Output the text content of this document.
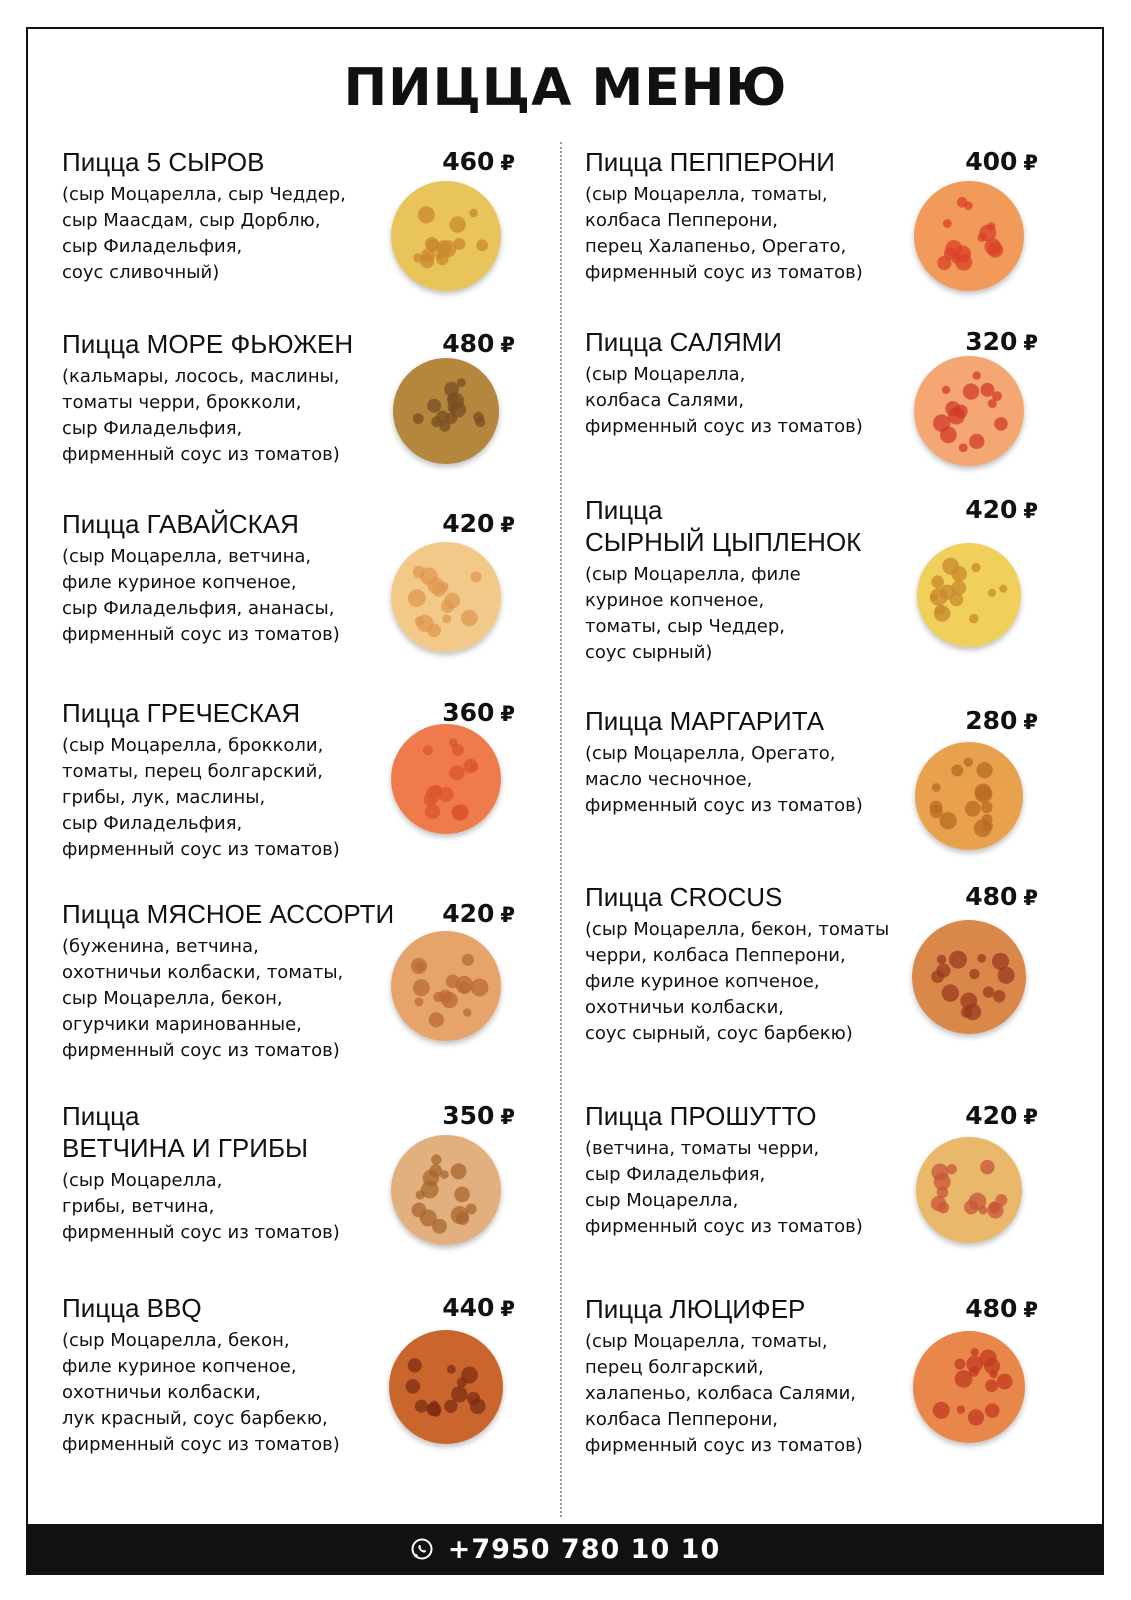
ПИЦЦА МЕНЮ
Пицца 5 СЫРОВ
(сыр Моцарелла, сыр Чеддер,
сыр Маасдам, сыр Дорблю,
сыр Филадельфия,
соус сливочный)
460 ₽
Пицца МОРЕ ФЬЮЖЕН
(кальмары, лосось, маслины,
томаты черри, брокколи,
сыр Филадельфия,
фирменный соус из томатов)
480 ₽
Пицца ГАВАЙСКАЯ
(сыр Моцарелла, ветчина,
филе куриное копченое,
сыр Филадельфия, ананасы,
фирменный соус из томатов)
420 ₽
Пицца ГРЕЧЕСКАЯ
(сыр Моцарелла, брокколи,
томаты, перец болгарский,
грибы, лук, маслины,
сыр Филадельфия,
фирменный соус из томатов)
360 ₽
Пицца МЯСНОЕ АССОРТИ
(буженина, ветчина,
охотничьи колбаски, томаты,
сыр Моцарелла, бекон,
огурчики маринованные,
фирменный соус из томатов)
420 ₽
Пицца
ВЕТЧИНА И ГРИБЫ
(сыр Моцарелла,
грибы, ветчина,
фирменный соус из томатов)
350 ₽
Пицца BBQ
(сыр Моцарелла, бекон,
филе куриное копченое,
охотничьи колбаски,
лук красный, соус барбекю,
фирменный соус из томатов)
440 ₽
Пицца ПЕППЕРОНИ
(сыр Моцарелла, томаты,
колбаса Пепперони,
перец Халапеньо, Орегато,
фирменный соус из томатов)
400 ₽
Пицца САЛЯМИ
(сыр Моцарелла,
колбаса Салями,
фирменный соус из томатов)
320 ₽
Пицца
СЫРНЫЙ ЦЫПЛЕНОК
(сыр Моцарелла, филе
куриное копченое,
томаты, сыр Чеддер,
соус сырный)
420 ₽
Пицца МАРГАРИТА
(сыр Моцарелла, Орегато,
масло чесночное,
фирменный соус из томатов)
280 ₽
Пицца CROCUS
(сыр Моцарелла, бекон, томаты
черри, колбаса Пепперони,
филе куриное копченое,
охотничьи колбаски,
соус сырный, соус барбекю)
480 ₽
Пицца ПРОШУТТО
(ветчина, томаты черри,
сыр Филадельфия,
сыр Моцарелла,
фирменный соус из томатов)
420 ₽
Пицца ЛЮЦИФЕР
(сыр Моцарелла, томаты,
перец болгарский,
халапеньо, колбаса Салями,
колбаса Пепперони,
фирменный соус из томатов)
480 ₽
+7950 780 10 10
